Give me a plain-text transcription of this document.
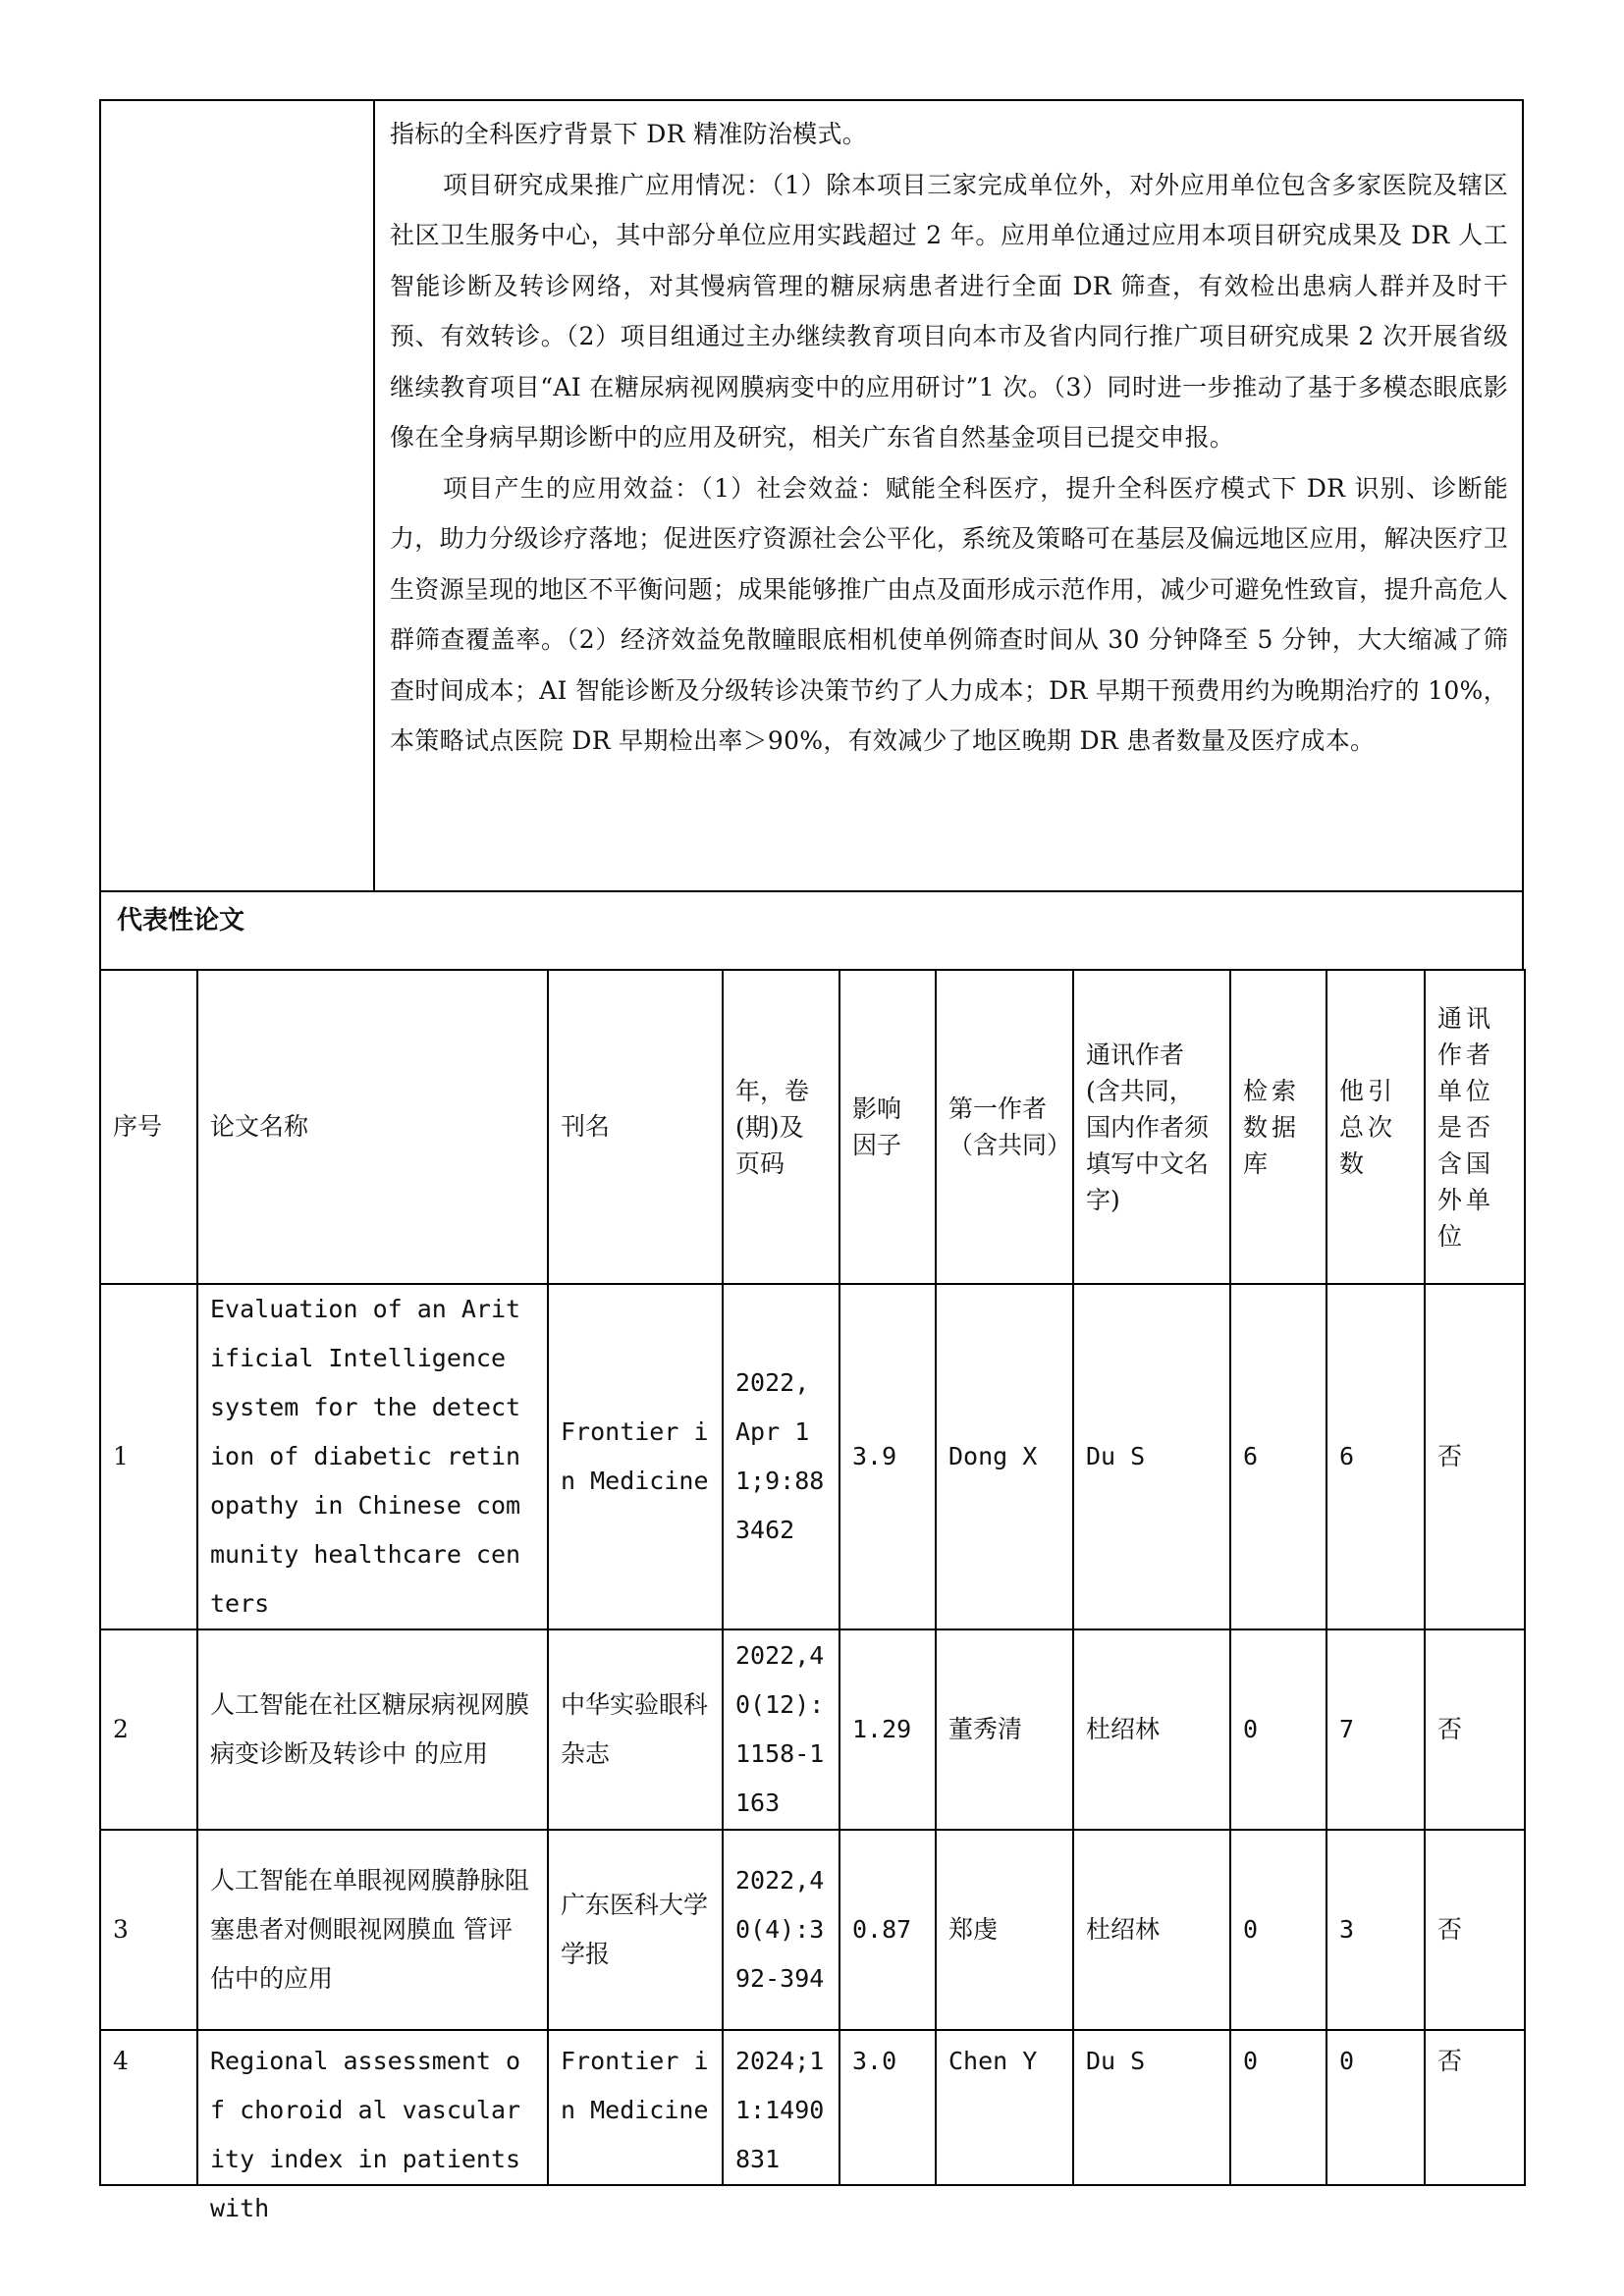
指标的全科医疗背景下 DR 精准防治模式。

项目研究成果推广应用情况：（1）除本项目三家完成单位外，对外应用单位包含多家医院及辖区社区卫生服务中心，其中部分单位应用实践超过 2 年。应用单位通过应用本项目研究成果及 DR 人工智能诊断及转诊网络，对其慢病管理的糖尿病患者进行全面 DR 筛查，有效检出患病人群并及时干预、有效转诊。（2）项目组通过主办继续教育项目向本市及省内同行推广项目研究成果 2 次开展省级继续教育项目“AI 在糖尿病视网膜病变中的应用研讨”1 次。（3）同时进一步推动了基于多模态眼底影像在全身病早期诊断中的应用及研究，相关广东省自然基金项目已提交申报。

项目产生的应用效益：（1）社会效益：赋能全科医疗，提升全科医疗模式下 DR 识别、诊断能力，助力分级诊疗落地；促进医疗资源社会公平化，系统及策略可在基层及偏远地区应用，解决医疗卫生资源呈现的地区不平衡问题；成果能够推广由点及面形成示范作用，减少可避免性致盲，提升高危人群筛查覆盖率。（2）经济效益免散瞳眼底相机使单例筛查时间从 30 分钟降至 5 分钟，大大缩减了筛查时间成本；AI 智能诊断及分级转诊决策节约了人力成本；DR 早期干预费用约为晚期治疗的 10%，本策略试点医院 DR 早期检出率＞90%，有效减少了地区晚期 DR 患者数量及医疗成本。

代表性论文
序号	论文名称	刊名	年，卷(期)及页码	影响因子	第一作者（含共同）	通讯作者(含共同，国内作者须填写中文名字)	检索数据库	他引总次数	通讯作者单位是否含国外单位
1	Evaluation of an Aritificial Intelligence system for the detection of diabetic retinopathy in Chinese community healthcare centers	Frontier in Medicine	2022, Apr 11;9:883462	3.9	Dong X	Du S	6	6	否
2	人工智能在社区糖尿病视网膜病变诊断及转诊中 的应用	中华实验眼科杂志	2022,40(12):1158-1163	1.29	董秀清	杜绍林	0	7	否
3	人工智能在单眼视网膜静脉阻塞患者对侧眼视网膜血 管评估中的应用	广东医科大学学报	2022,40(4):392-394	0.87	郑虔	杜绍林	0	3	否

4	Regional assessment of choroid al vascularity index in patients with	Frontier in Medicine	2024;11:1490831	3.0	Chen Y	Du S	0	0	否
